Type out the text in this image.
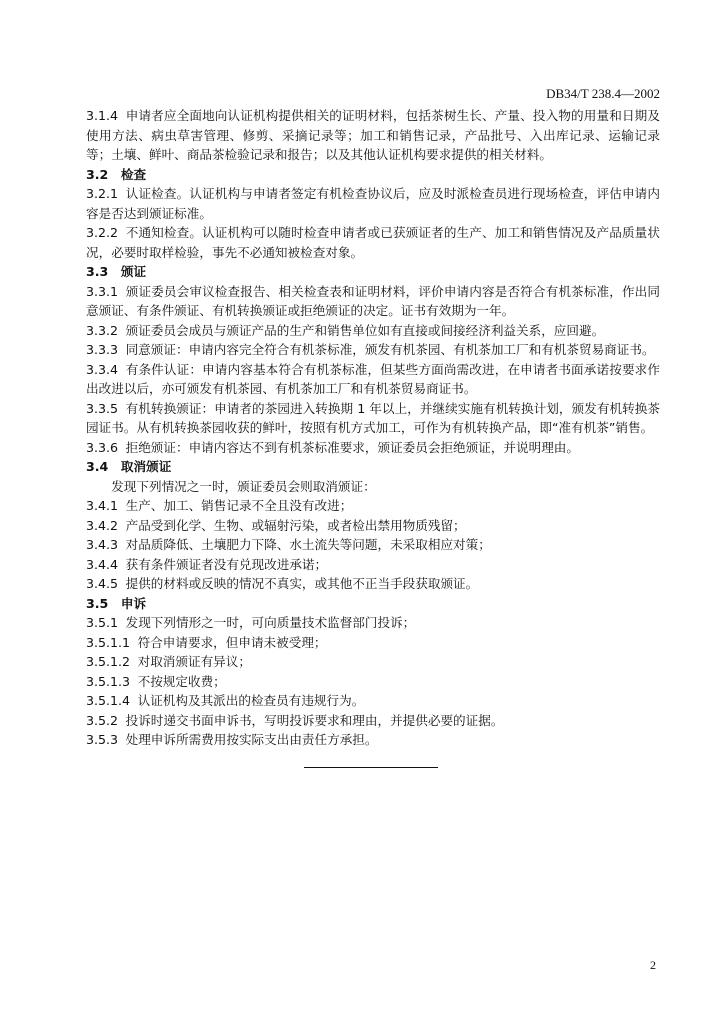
DB34/T 238.4—2002

3.1.4 申请者应全面地向认证机构提供相关的证明材料，包括茶树生长、产量、投入物的用量和日期及使用方法、病虫草害管理、修剪、采摘记录等；加工和销售记录，产品批号、入出库记录、运输记录等；土壤、鲜叶、商品茶检验记录和报告；以及其他认证机构要求提供的相关材料。

3.2 检查

3.2.1 认证检查。认证机构与申请者签定有机检查协议后，应及时派检查员进行现场检查，评估申请内容是否达到颁证标准。

3.2.2 不通知检查。认证机构可以随时检查申请者或已获颁证者的生产、加工和销售情况及产品质量状况，必要时取样检验，事先不必通知被检查对象。

3.3 颁证

3.3.1 颁证委员会审议检查报告、相关检查表和证明材料，评价申请内容是否符合有机茶标准，作出同意颁证、有条件颁证、有机转换颁证或拒绝颁证的决定。证书有效期为一年。

3.3.2 颁证委员会成员与颁证产品的生产和销售单位如有直接或间接经济利益关系，应回避。

3.3.3 同意颁证：申请内容完全符合有机茶标准，颁发有机茶园、有机茶加工厂和有机茶贸易商证书。

3.3.4 有条件认证：申请内容基本符合有机茶标准，但某些方面尚需改进，在申请者书面承诺按要求作出改进以后，亦可颁发有机茶园、有机茶加工厂和有机茶贸易商证书。

3.3.5 有机转换颁证：申请者的茶园进入转换期 1 年以上，并继续实施有机转换计划，颁发有机转换茶园证书。从有机转换茶园收获的鲜叶，按照有机方式加工，可作为有机转换产品，即“准有机茶”销售。

3.3.6 拒绝颁证：申请内容达不到有机茶标准要求，颁证委员会拒绝颁证，并说明理由。

3.4 取消颁证

发现下列情况之一时，颁证委员会则取消颁证：

3.4.1 生产、加工、销售记录不全且没有改进；

3.4.2 产品受到化学、生物、或辐射污染，或者检出禁用物质残留；

3.4.3 对品质降低、土壤肥力下降、水土流失等问题，未采取相应对策；

3.4.4 获有条件颁证者没有兑现改进承诺；

3.4.5 提供的材料或反映的情况不真实，或其他不正当手段获取颁证。

3.5 申诉

3.5.1 发现下列情形之一时，可向质量技术监督部门投诉；

3.5.1.1 符合申请要求，但申请未被受理；

3.5.1.2 对取消颁证有异议；

3.5.1.3 不按规定收费；

3.5.1.4 认证机构及其派出的检查员有违规行为。

3.5.2 投诉时递交书面申诉书，写明投诉要求和理由，并提供必要的证据。

3.5.3 处理申诉所需费用按实际支出由责任方承担。

2
